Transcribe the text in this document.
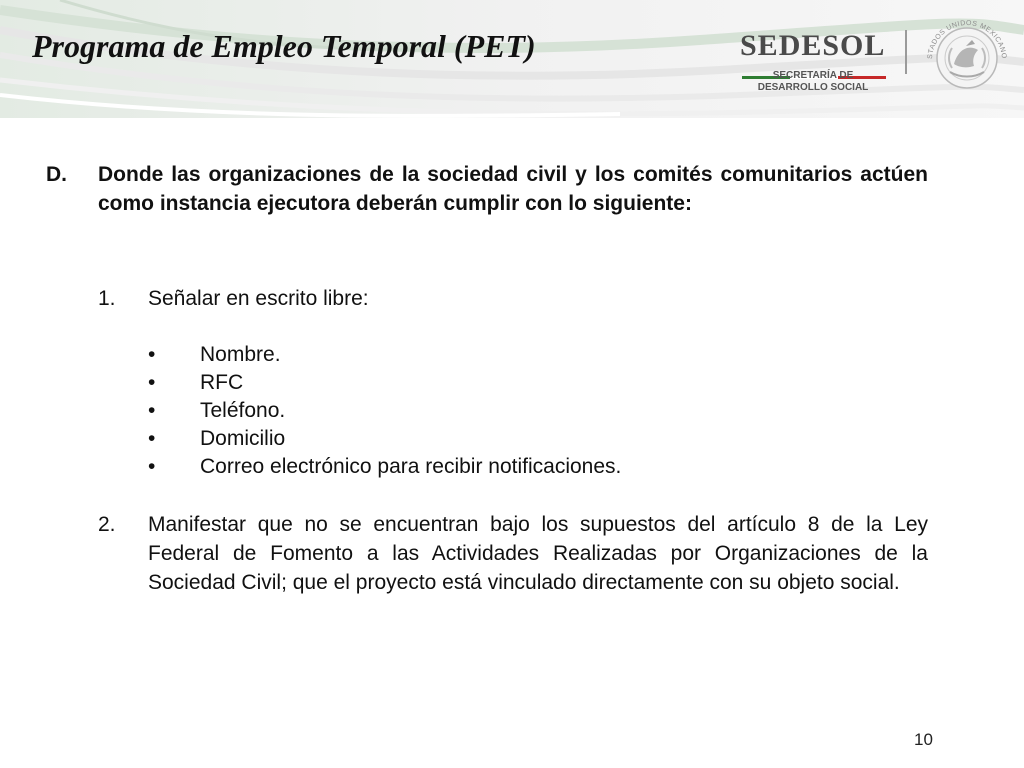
Programa de Empleo Temporal (PET)	SEDESOL
SECRETARÍA DE
DESARROLLO SOCIAL
STADOS UNIDOS MEXICANO
D. Donde las organizaciones de la sociedad civil y los comités comunitarios actúen como instancia ejecutora deberán cumplir con lo siguiente:
1. Señalar en escrito libre:
• Nombre.
• RFC
• Teléfono.
• Domicilio
• Correo electrónico para recibir notificaciones.
2. Manifestar que no se encuentran bajo los supuestos del artículo 8 de la Ley Federal de Fomento a las Actividades Realizadas por Organizaciones de la Sociedad Civil; que el proyecto está vinculado directamente con su objeto social.
10
